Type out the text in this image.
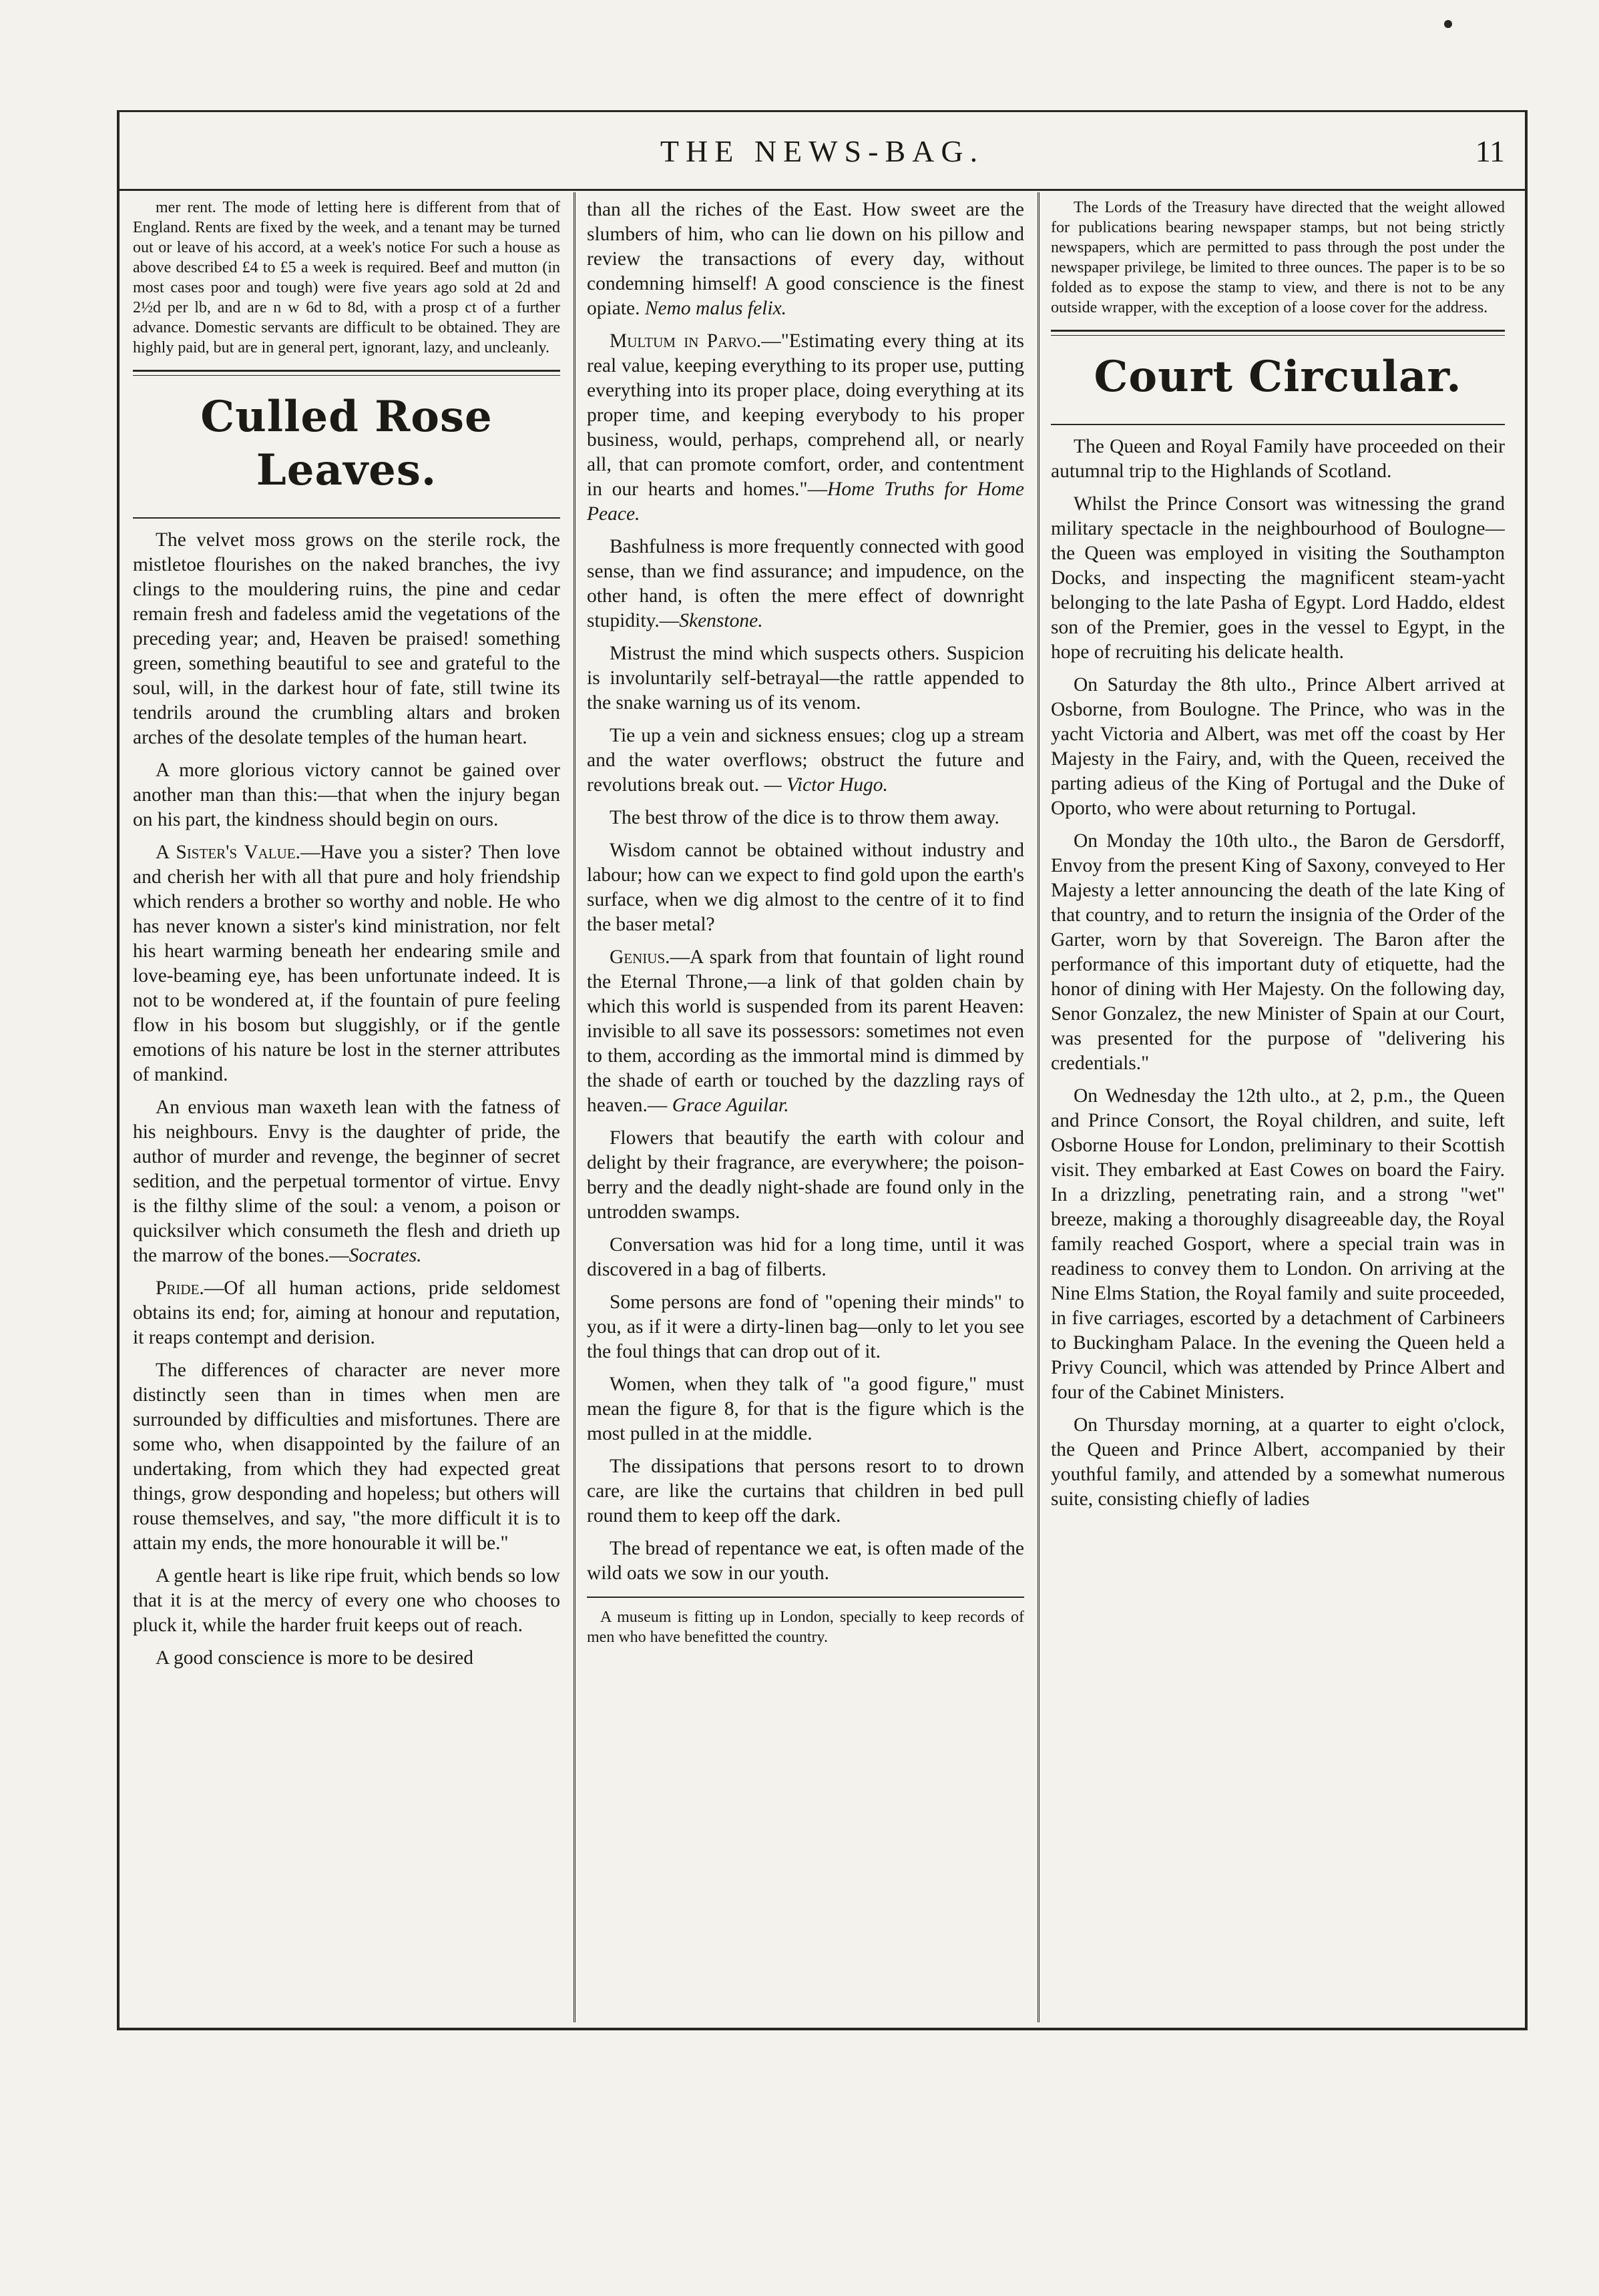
THE NEWS-BAG.	11

mer rent. The mode of letting here is different from that of England. Rents are fixed by the week, and a tenant may be turned out or leave of his accord, at a week's notice For such a house as above described £4 to £5 a week is required. Beef and mutton (in most cases poor and tough) were five years ago sold at 2d and 2½d per lb, and are n w 6d to 8d, with a prosp ct of a further advance. Domestic servants are difficult to be obtained. They are highly paid, but are in general pert, ignorant, lazy, and uncleanly.

Culled Rose Leaves.

The velvet moss grows on the sterile rock, the mistletoe flourishes on the naked branches, the ivy clings to the mouldering ruins, the pine and cedar remain fresh and fadeless amid the vegetations of the preceding year; and, Heaven be praised! something green, something beautiful to see and grateful to the soul, will, in the darkest hour of fate, still twine its tendrils around the crumbling altars and broken arches of the desolate temples of the human heart.

A more glorious victory cannot be gained over another man than this:—that when the injury began on his part, the kindness should begin on ours.

A Sister's Value.—Have you a sister? Then love and cherish her with all that pure and holy friendship which renders a brother so worthy and noble. He who has never known a sister's kind ministration, nor felt his heart warming beneath her endearing smile and love-beaming eye, has been unfortunate indeed. It is not to be wondered at, if the fountain of pure feeling flow in his bosom but sluggishly, or if the gentle emotions of his nature be lost in the sterner attributes of mankind.

An envious man waxeth lean with the fatness of his neighbours. Envy is the daughter of pride, the author of murder and revenge, the beginner of secret sedition, and the perpetual tormentor of virtue. Envy is the filthy slime of the soul: a venom, a poison or quicksilver which consumeth the flesh and drieth up the marrow of the bones.—Socrates.

Pride.—Of all human actions, pride seldomest obtains its end; for, aiming at honour and reputation, it reaps contempt and derision.

The differences of character are never more distinctly seen than in times when men are surrounded by difficulties and misfortunes. There are some who, when disappointed by the failure of an undertaking, from which they had expected great things, grow desponding and hopeless; but others will rouse themselves, and say, "the more difficult it is to attain my ends, the more honourable it will be."

A gentle heart is like ripe fruit, which bends so low that it is at the mercy of every one who chooses to pluck it, while the harder fruit keeps out of reach.

A good conscience is more to be desired

than all the riches of the East. How sweet are the slumbers of him, who can lie down on his pillow and review the transactions of every day, without condemning himself! A good conscience is the finest opiate. Nemo malus felix.

Multum in Parvo.—"Estimating every thing at its real value, keeping everything to its proper use, putting everything into its proper place, doing everything at its proper time, and keeping everybody to his proper business, would, perhaps, comprehend all, or nearly all, that can promote comfort, order, and contentment in our hearts and homes."—Home Truths for Home Peace.

Bashfulness is more frequently connected with good sense, than we find assurance; and impudence, on the other hand, is often the mere effect of downright stupidity.—Skenstone.

Mistrust the mind which suspects others. Suspicion is involuntarily self-betrayal—the rattle appended to the snake warning us of its venom.

Tie up a vein and sickness ensues; clog up a stream and the water overflows; obstruct the future and revolutions break out. — Victor Hugo.

The best throw of the dice is to throw them away.

Wisdom cannot be obtained without industry and labour; how can we expect to find gold upon the earth's surface, when we dig almost to the centre of it to find the baser metal?

Genius.—A spark from that fountain of light round the Eternal Throne,—a link of that golden chain by which this world is suspended from its parent Heaven: invisible to all save its possessors: sometimes not even to them, according as the immortal mind is dimmed by the shade of earth or touched by the dazzling rays of heaven.— Grace Aguilar.

Flowers that beautify the earth with colour and delight by their fragrance, are everywhere; the poison-berry and the deadly night-shade are found only in the untrodden swamps.

Conversation was hid for a long time, until it was discovered in a bag of filberts.

Some persons are fond of "opening their minds" to you, as if it were a dirty-linen bag—only to let you see the foul things that can drop out of it.

Women, when they talk of "a good figure," must mean the figure 8, for that is the figure which is the most pulled in at the middle.

The dissipations that persons resort to to drown care, are like the curtains that children in bed pull round them to keep off the dark.

The bread of repentance we eat, is often made of the wild oats we sow in our youth.

A museum is fitting up in London, specially to keep records of men who have benefitted the country.

The Lords of the Treasury have directed that the weight allowed for publications bearing newspaper stamps, but not being strictly newspapers, which are permitted to pass through the post under the newspaper privilege, be limited to three ounces. The paper is to be so folded as to expose the stamp to view, and there is not to be any outside wrapper, with the exception of a loose cover for the address.

Court Circular.

The Queen and Royal Family have proceeded on their autumnal trip to the Highlands of Scotland.

Whilst the Prince Consort was witnessing the grand military spectacle in the neighbourhood of Boulogne—the Queen was employed in visiting the Southampton Docks, and inspecting the magnificent steam-yacht belonging to the late Pasha of Egypt. Lord Haddo, eldest son of the Premier, goes in the vessel to Egypt, in the hope of recruiting his delicate health.

On Saturday the 8th ulto., Prince Albert arrived at Osborne, from Boulogne. The Prince, who was in the yacht Victoria and Albert, was met off the coast by Her Majesty in the Fairy, and, with the Queen, received the parting adieus of the King of Portugal and the Duke of Oporto, who were about returning to Portugal.

On Monday the 10th ulto., the Baron de Gersdorff, Envoy from the present King of Saxony, conveyed to Her Majesty a letter announcing the death of the late King of that country, and to return the insignia of the Order of the Garter, worn by that Sovereign. The Baron after the performance of this important duty of etiquette, had the honor of dining with Her Majesty. On the following day, Senor Gonzalez, the new Minister of Spain at our Court, was presented for the purpose of "delivering his credentials."

On Wednesday the 12th ulto., at 2, p.m., the Queen and Prince Consort, the Royal children, and suite, left Osborne House for London, preliminary to their Scottish visit. They embarked at East Cowes on board the Fairy. In a drizzling, penetrating rain, and a strong "wet" breeze, making a thoroughly disagreeable day, the Royal family reached Gosport, where a special train was in readiness to convey them to London. On arriving at the Nine Elms Station, the Royal family and suite proceeded, in five carriages, escorted by a detachment of Carbineers to Buckingham Palace. In the evening the Queen held a Privy Council, which was attended by Prince Albert and four of the Cabinet Ministers.

On Thursday morning, at a quarter to eight o'clock, the Queen and Prince Albert, accompanied by their youthful family, and attended by a somewhat numerous suite, consisting chiefly of ladies
